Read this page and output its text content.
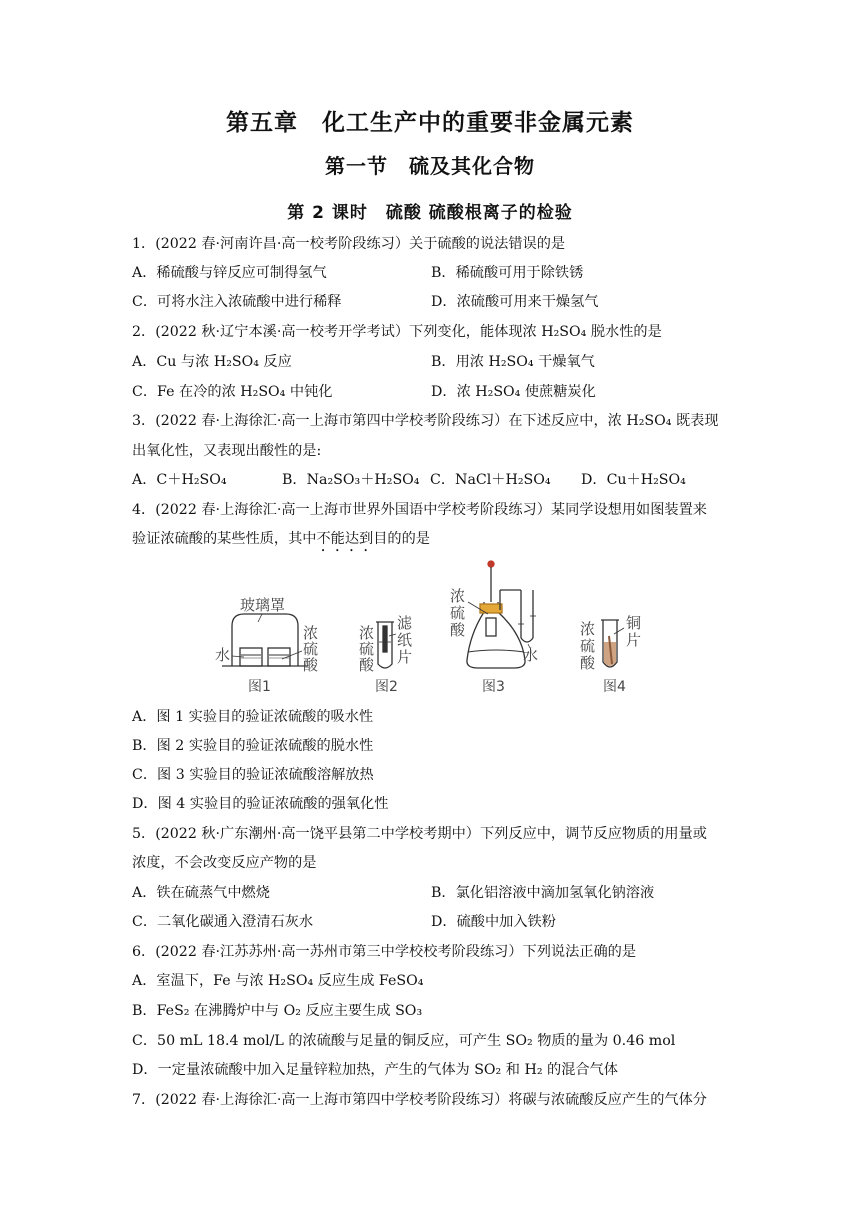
第五章　化工生产中的重要非金属元素
第一节　硫及其化合物
第 2 课时　硫酸 硫酸根离子的检验
1．(2022 春·河南许昌·高一校考阶段练习）关于硫酸的说法错误的是
A．稀硫酸与锌反应可制得氢气	B．稀硫酸可用于除铁锈
C．可将水注入浓硫酸中进行稀释	D．浓硫酸可用来干燥氢气
2．(2022 秋·辽宁本溪·高一校考开学考试）下列变化，能体现浓 H₂SO₄ 脱水性的是
A．Cu 与浓 H₂SO₄ 反应	B．用浓 H₂SO₄ 干燥氧气
C．Fe 在冷的浓 H₂SO₄ 中钝化	D．浓 H₂SO₄ 使蔗糖炭化
3．(2022 春·上海徐汇·高一上海市第四中学校考阶段练习）在下述反应中，浓 H₂SO₄ 既表现
出氧化性，又表现出酸性的是:
A．C＋H₂SO₄	B．Na₂SO₃＋H₂SO₄ C．NaCl＋H₂SO₄ D．Cu＋H₂SO₄
4．(2022 春·上海徐汇·高一上海市世界外国语中学校考阶段练习）某同学设想用如图装置来
验证浓硫酸的某些性质，其中不能达到目的的是
玻璃罩
水
浓
硫
酸
图1
浓
硫
酸
滤
纸
片
图2
浓
硫
酸
水
图3
浓
硫
酸
铜
片
图4
A．图 1 实验目的验证浓硫酸的吸水性
B．图 2 实验目的验证浓硫酸的脱水性
C．图 3 实验目的验证浓硫酸溶解放热
D．图 4 实验目的验证浓硫酸的强氧化性
5．(2022 秋·广东潮州·高一饶平县第二中学校考期中）下列反应中，调节反应物质的用量或
浓度，不会改变反应产物的是
A．铁在硫蒸气中燃烧	B．氯化铝溶液中滴加氢氧化钠溶液
C．二氧化碳通入澄清石灰水	D．硫酸中加入铁粉
6．(2022 春·江苏苏州·高一苏州市第三中学校校考阶段练习）下列说法正确的是
A．室温下，Fe 与浓 H₂SO₄ 反应生成 FeSO₄
B．FeS₂ 在沸腾炉中与 O₂ 反应主要生成 SO₃
C．50 mL 18.4 mol/L 的浓硫酸与足量的铜反应，可产生 SO₂ 物质的量为 0.46 mol
D．一定量浓硫酸中加入足量锌粒加热，产生的气体为 SO₂ 和 H₂ 的混合气体
7．(2022 春·上海徐汇·高一上海市第四中学校考阶段练习）将碳与浓硫酸反应产生的气体分
